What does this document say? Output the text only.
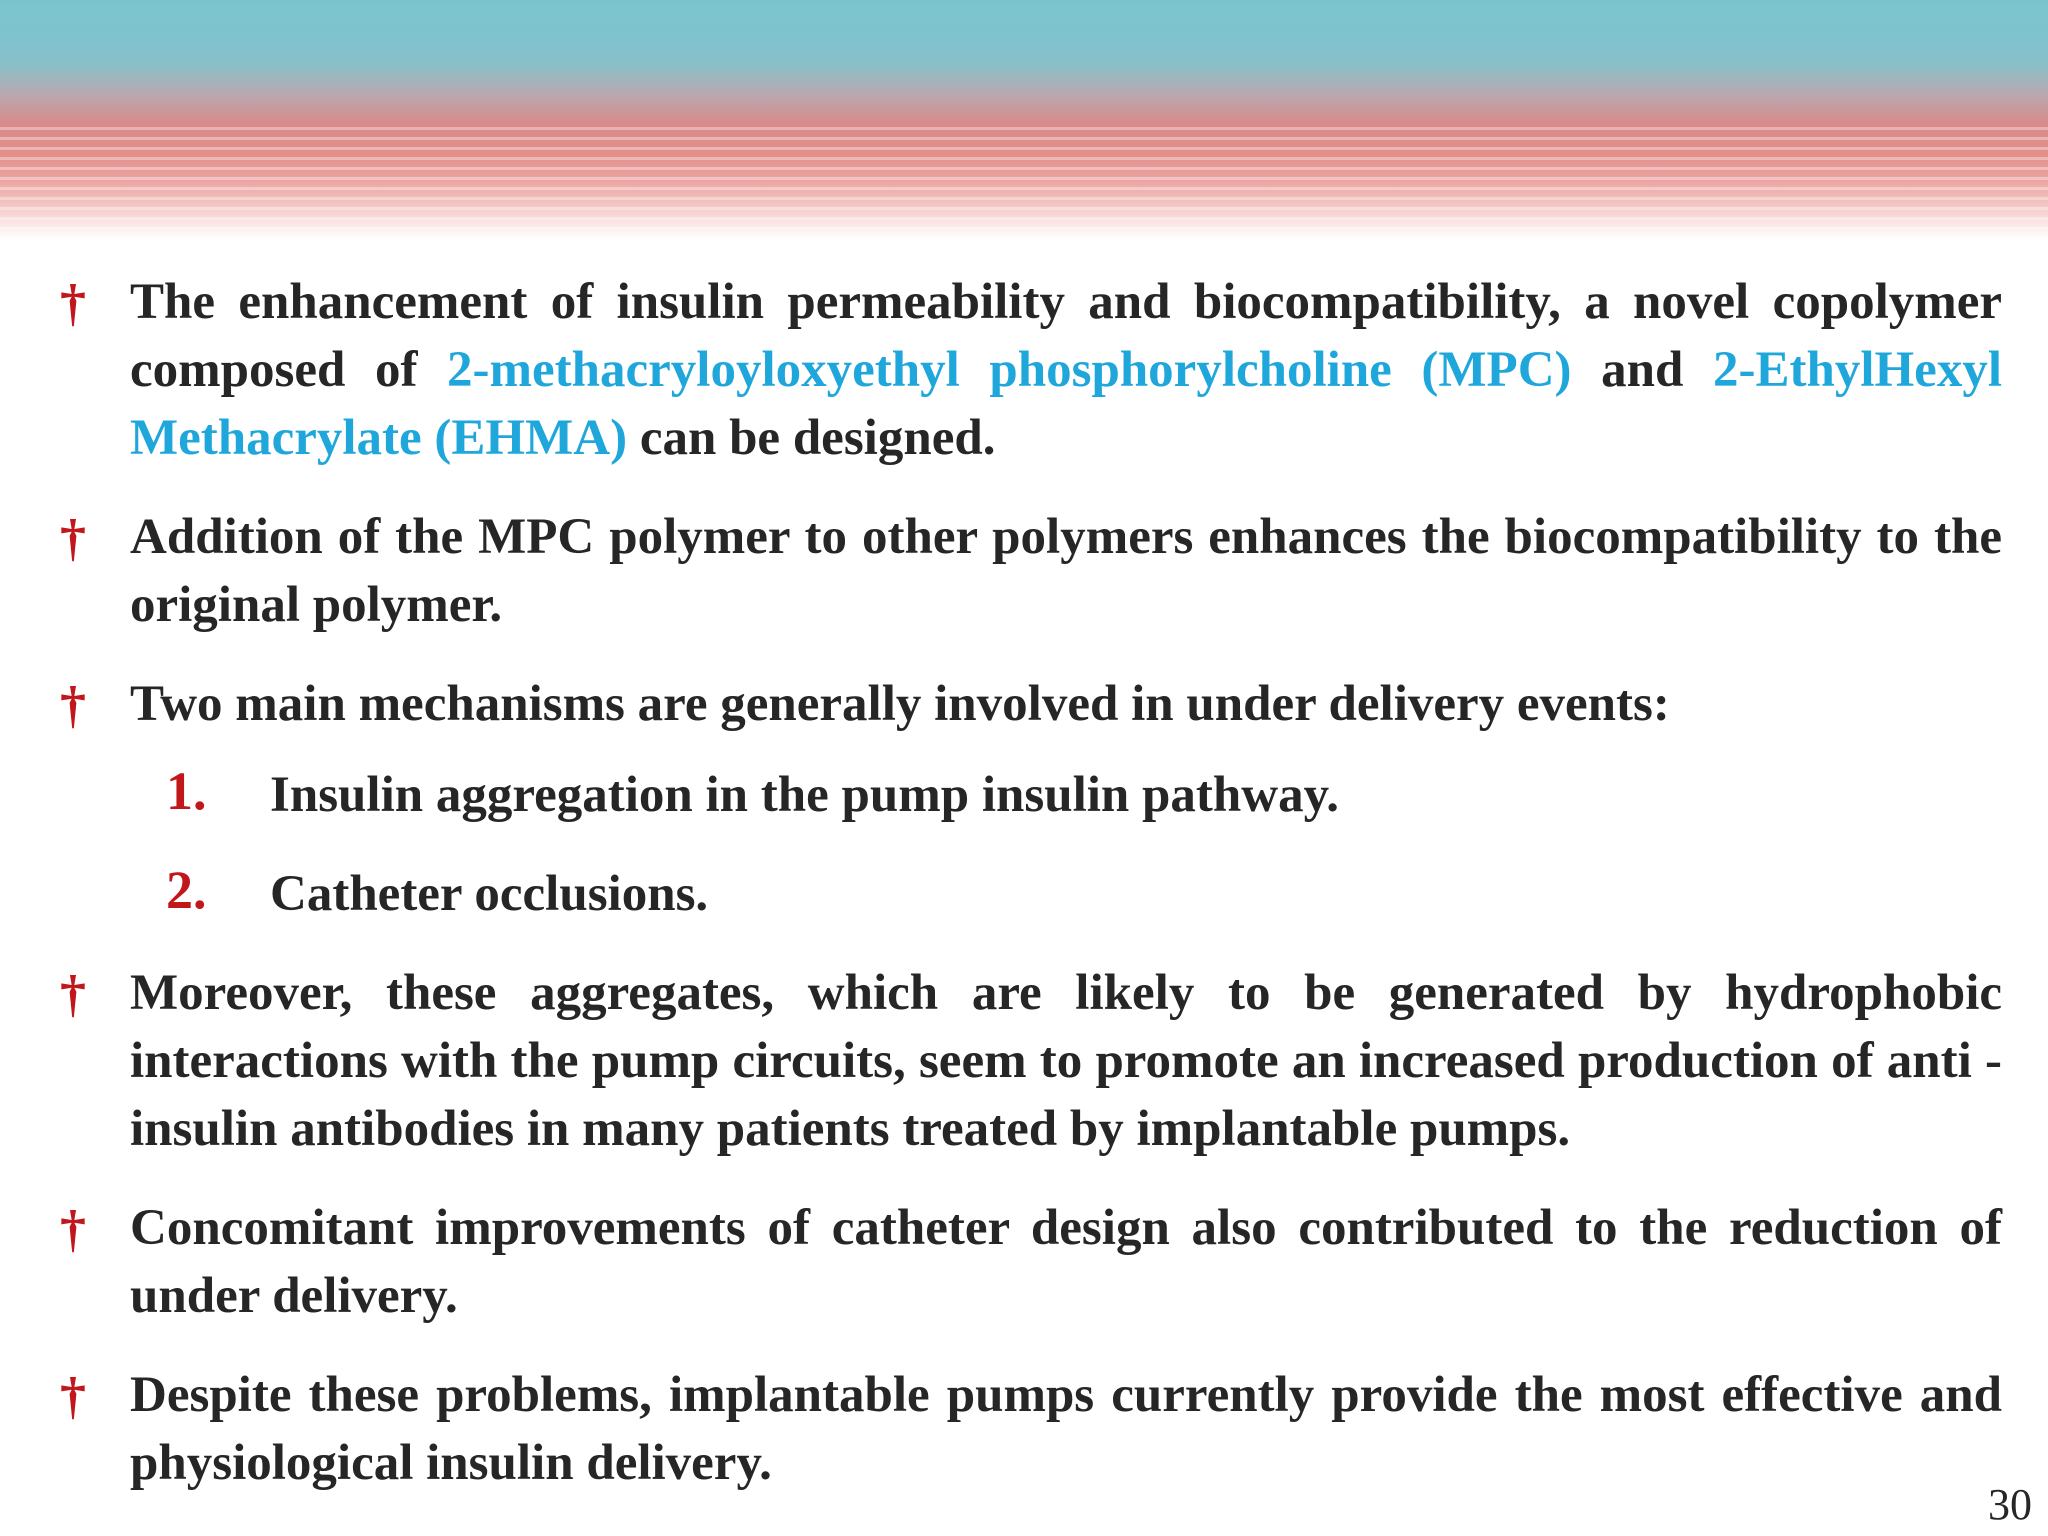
† The enhancement of insulin permeability and biocompatibility, a novel copolymer composed of 2-methacryloyloxyethyl phosphorylcholine (MPC) and 2-EthylHexyl Methacrylate (EHMA) can be designed.
† Addition of the MPC polymer to other polymers enhances the biocompatibility to the original polymer.
† Two main mechanisms are generally involved in under delivery events:
1. Insulin aggregation in the pump insulin pathway.
2. Catheter occlusions.
† Moreover, these aggregates, which are likely to be generated by hydrophobic interactions with the pump circuits, seem to promote an increased production of anti -insulin antibodies in many patients treated by implantable pumps.
† Concomitant improvements of catheter design also contributed to the reduction of under delivery.
† Despite these problems, implantable pumps currently provide the most effective and physiological insulin delivery.
30
